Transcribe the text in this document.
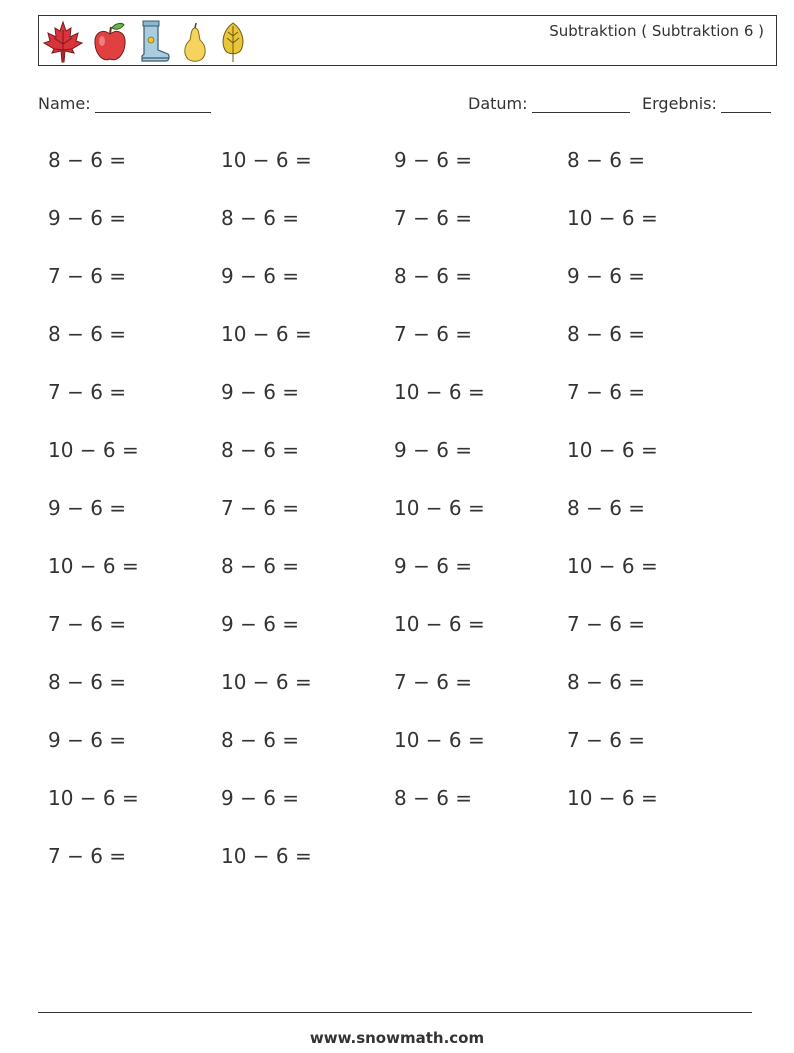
Subtraktion ( Subtraktion 6 )
Name:	Datum:	Ergebnis:
8 − 6 =	10 − 6 =	9 − 6 =	8 − 6 =
9 − 6 =	8 − 6 =	7 − 6 =	10 − 6 =
7 − 6 =	9 − 6 =	8 − 6 =	9 − 6 =
8 − 6 =	10 − 6 =	7 − 6 =	8 − 6 =
7 − 6 =	9 − 6 =	10 − 6 =	7 − 6 =
10 − 6 =	8 − 6 =	9 − 6 =	10 − 6 =
9 − 6 =	7 − 6 =	10 − 6 =	8 − 6 =
10 − 6 =	8 − 6 =	9 − 6 =	10 − 6 =
7 − 6 =	9 − 6 =	10 − 6 =	7 − 6 =
8 − 6 =	10 − 6 =	7 − 6 =	8 − 6 =
9 − 6 =	8 − 6 =	10 − 6 =	7 − 6 =
10 − 6 =	9 − 6 =	8 − 6 =	10 − 6 =
7 − 6 =	10 − 6 =
www.snowmath.com
